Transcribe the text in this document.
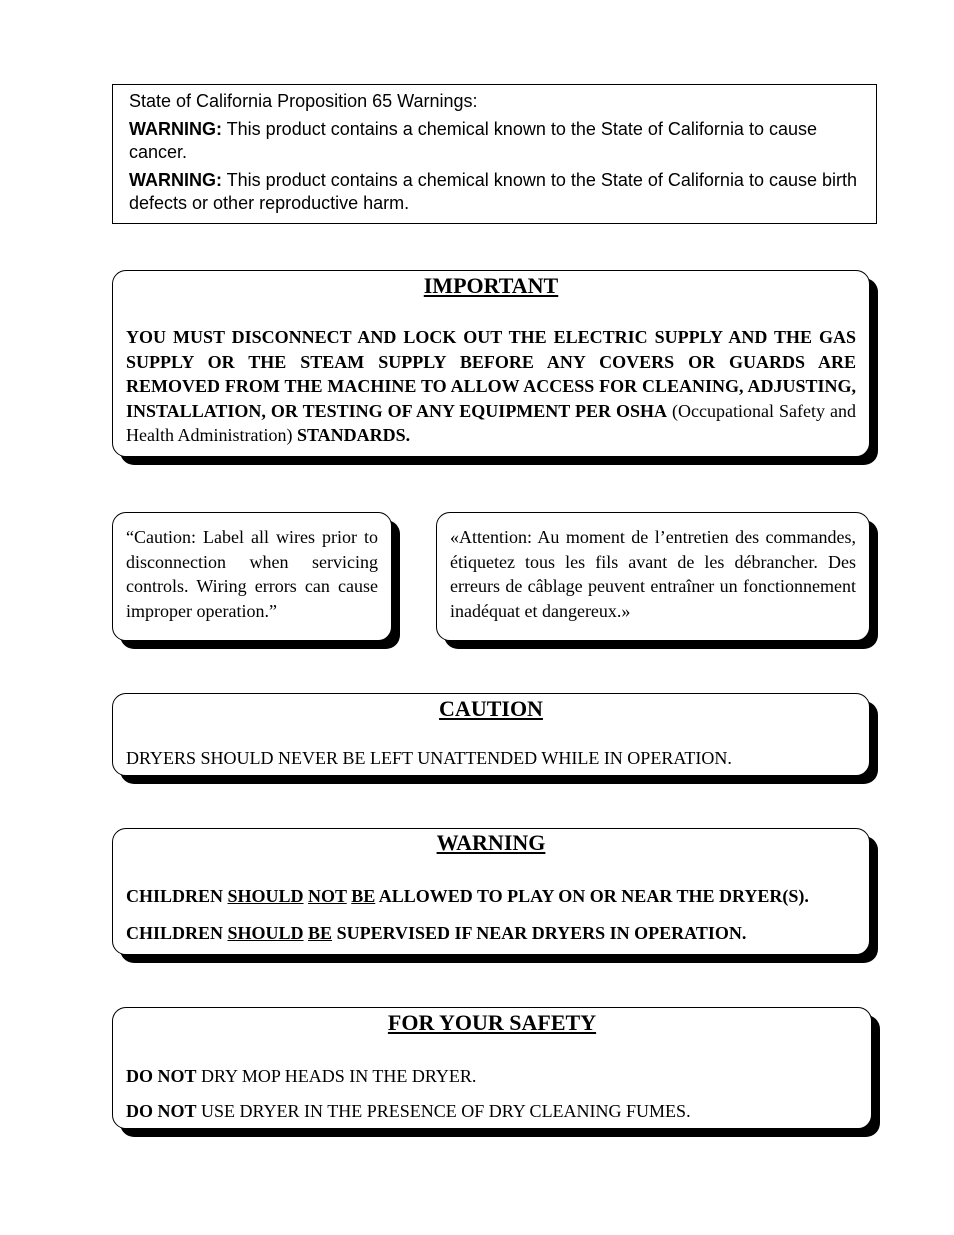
State of California Proposition 65 Warnings:

WARNING: This product contains a chemical known to the State of California to cause cancer.

WARNING: This product contains a chemical known to the State of California to cause birth defects or other reproductive harm.

IMPORTANT

YOU MUST DISCONNECT AND LOCK OUT THE ELECTRIC SUPPLY AND THE GAS SUPPLY OR THE STEAM SUPPLY BEFORE ANY COVERS OR GUARDS ARE REMOVED FROM THE MACHINE TO ALLOW ACCESS FOR CLEANING, ADJUSTING, INSTALLATION, OR TESTING OF ANY EQUIPMENT PER OSHA (Occupational Safety and Health Administration) STANDARDS.

“Caution: Label all wires prior to disconnection when servicing controls. Wiring errors can cause improper operation.”
«Attention: Au moment de l’entretien des commandes, étiquetez tous les fils avant de les débrancher. Des erreurs de câblage peuvent entraîner un fonctionnement inadéquat et dangereux.»

CAUTION

DRYERS SHOULD NEVER BE LEFT UNATTENDED WHILE IN OPERATION.

WARNING

CHILDREN SHOULD NOT BE ALLOWED TO PLAY ON OR NEAR THE DRYER(S).

CHILDREN SHOULD BE SUPERVISED IF NEAR DRYERS IN OPERATION.

FOR YOUR SAFETY

DO NOT DRY MOP HEADS IN THE DRYER.

DO NOT USE DRYER IN THE PRESENCE OF DRY CLEANING FUMES.
